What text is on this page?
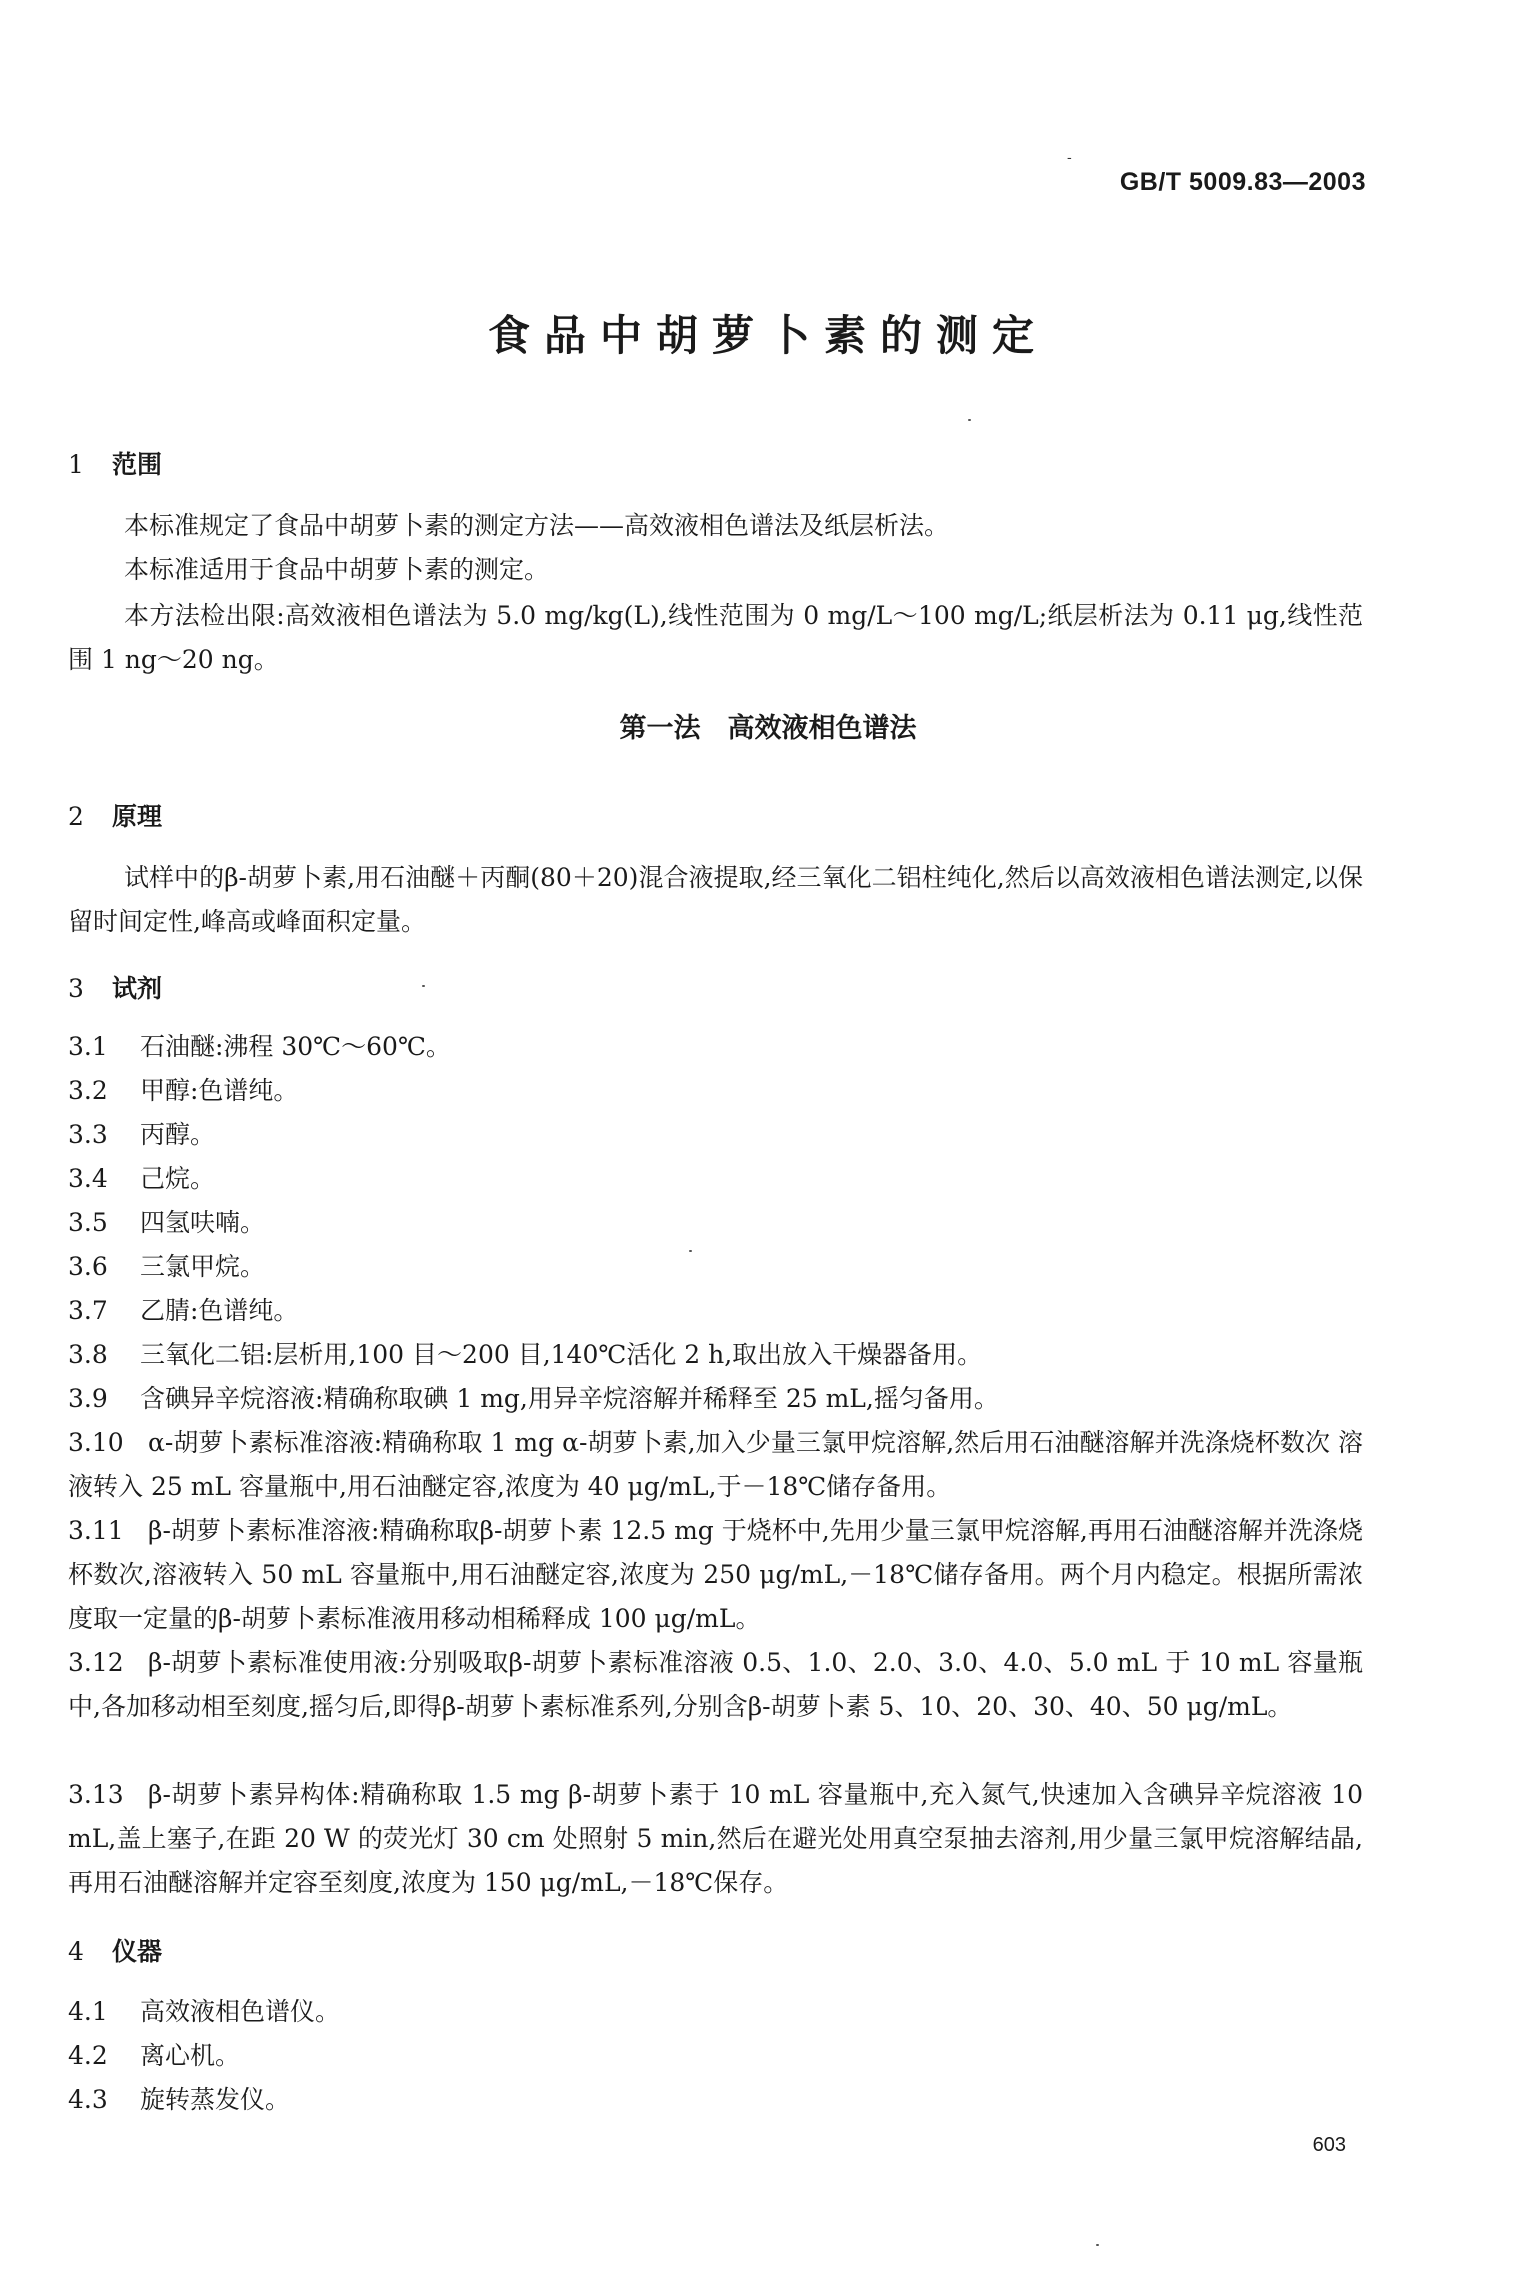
-
GB/T 5009.83—2003
食品中胡萝卜素的测定
1 范围
本标准规定了食品中胡萝卜素的测定方法——高效液相色谱法及纸层析法。
本标准适用于食品中胡萝卜素的测定。
本方法检出限:高效液相色谱法为 5.0 mg/kg(L),线性范围为 0 mg/L～100 mg/L;纸层析法为 0.11 μg,线性范围 1 ng～20 ng。
第一法　高效液相色谱法
2 原理
试样中的β-胡萝卜素,用石油醚＋丙酮(80＋20)混合液提取,经三氧化二铝柱纯化,然后以高效液相色谱法测定,以保留时间定性,峰高或峰面积定量。
3 试剂
3.1 石油醚:沸程 30℃～60℃。
3.2 甲醇:色谱纯。
3.3 丙醇。
3.4 己烷。
3.5 四氢呋喃。
3.6 三氯甲烷。
3.7 乙腈:色谱纯。
3.8 三氧化二铝:层析用,100 目～200 目,140℃活化 2 h,取出放入干燥器备用。
3.9 含碘异辛烷溶液:精确称取碘 1 mg,用异辛烷溶解并稀释至 25 mL,摇匀备用。
3.10 α-胡萝卜素标准溶液:精确称取 1 mg α-胡萝卜素,加入少量三氯甲烷溶解,然后用石油醚溶解并洗涤烧杯数次 溶液转入 25 mL 容量瓶中,用石油醚定容,浓度为 40 μg/mL,于－18℃储存备用。
3.11 β-胡萝卜素标准溶液:精确称取β-胡萝卜素 12.5 mg 于烧杯中,先用少量三氯甲烷溶解,再用石油醚溶解并洗涤烧杯数次,溶液转入 50 mL 容量瓶中,用石油醚定容,浓度为 250 μg/mL,－18℃储存备用。两个月内稳定。根据所需浓度取一定量的β-胡萝卜素标准液用移动相稀释成 100 μg/mL。
3.12 β-胡萝卜素标准使用液:分别吸取β-胡萝卜素标准溶液 0.5、1.0、2.0、3.0、4.0、5.0 mL 于 10 mL 容量瓶中,各加移动相至刻度,摇匀后,即得β-胡萝卜素标准系列,分别含β-胡萝卜素 5、10、20、30、40、50 μg/mL。
3.13 β-胡萝卜素异构体:精确称取 1.5 mg β-胡萝卜素于 10 mL 容量瓶中,充入氮气,快速加入含碘异辛烷溶液 10 mL,盖上塞子,在距 20 W 的荧光灯 30 cm 处照射 5 min,然后在避光处用真空泵抽去溶剂,用少量三氯甲烷溶解结晶,再用石油醚溶解并定容至刻度,浓度为 150 μg/mL,－18℃保存。
4 仪器
4.1 高效液相色谱仪。
4.2 离心机。
4.3 旋转蒸发仪。
603
